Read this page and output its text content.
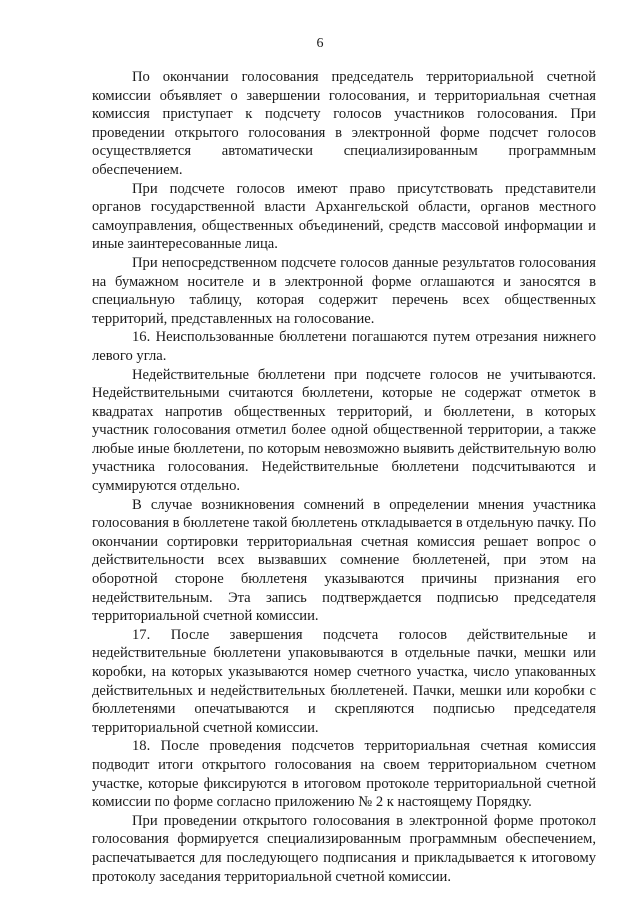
6

По окончании голосования председатель территориальной счетной комиссии объявляет о завершении голосования, и территориальная счетная комиссия приступает к подсчету голосов участников голосования. При проведении открытого голосования в электронной форме подсчет голосов осуществляется автоматически специализированным программным обеспечением.

При подсчете голосов имеют право присутствовать представители органов государственной власти Архангельской области, органов местного самоуправления, общественных объединений, средств массовой информации и иные заинтересованные лица.

При непосредственном подсчете голосов данные результатов голосования на бумажном носителе и в электронной форме оглашаются и заносятся в специальную таблицу, которая содержит перечень всех общественных территорий, представленных на голосование.

16. Неиспользованные бюллетени погашаются путем отрезания нижнего левого угла.

Недействительные бюллетени при подсчете голосов не учитываются. Недействительными считаются бюллетени, которые не содержат отметок в квадратах напротив общественных территорий, и бюллетени, в которых участник голосования отметил более одной общественной территории, а также любые иные бюллетени, по которым невозможно выявить действительную волю участника голосования. Недействительные бюллетени подсчитываются и суммируются отдельно.

В случае возникновения сомнений в определении мнения участника голосования в бюллетене такой бюллетень откладывается в отдельную пачку. По окончании сортировки территориальная счетная комиссия решает вопрос о действительности всех вызвавших сомнение бюллетеней, при этом на оборотной стороне бюллетеня указываются причины признания его недействительным. Эта запись подтверждается подписью председателя территориальной счетной комиссии.

17. После завершения подсчета голосов действительные и недействительные бюллетени упаковываются в отдельные пачки, мешки или коробки, на которых указываются номер счетного участка, число упакованных действительных и недействительных бюллетеней. Пачки, мешки или коробки с бюллетенями опечатываются и скрепляются подписью председателя территориальной счетной комиссии.

18. После проведения подсчетов территориальная счетная комиссия подводит итоги открытого голосования на своем территориальном счетном участке, которые фиксируются в итоговом протоколе территориальной счетной комиссии по форме согласно приложению № 2 к настоящему Порядку.

При проведении открытого голосования в электронной форме протокол голосования формируется специализированным программным обеспечением, распечатывается для последующего подписания и прикладывается к итоговому протоколу заседания территориальной счетной комиссии.
